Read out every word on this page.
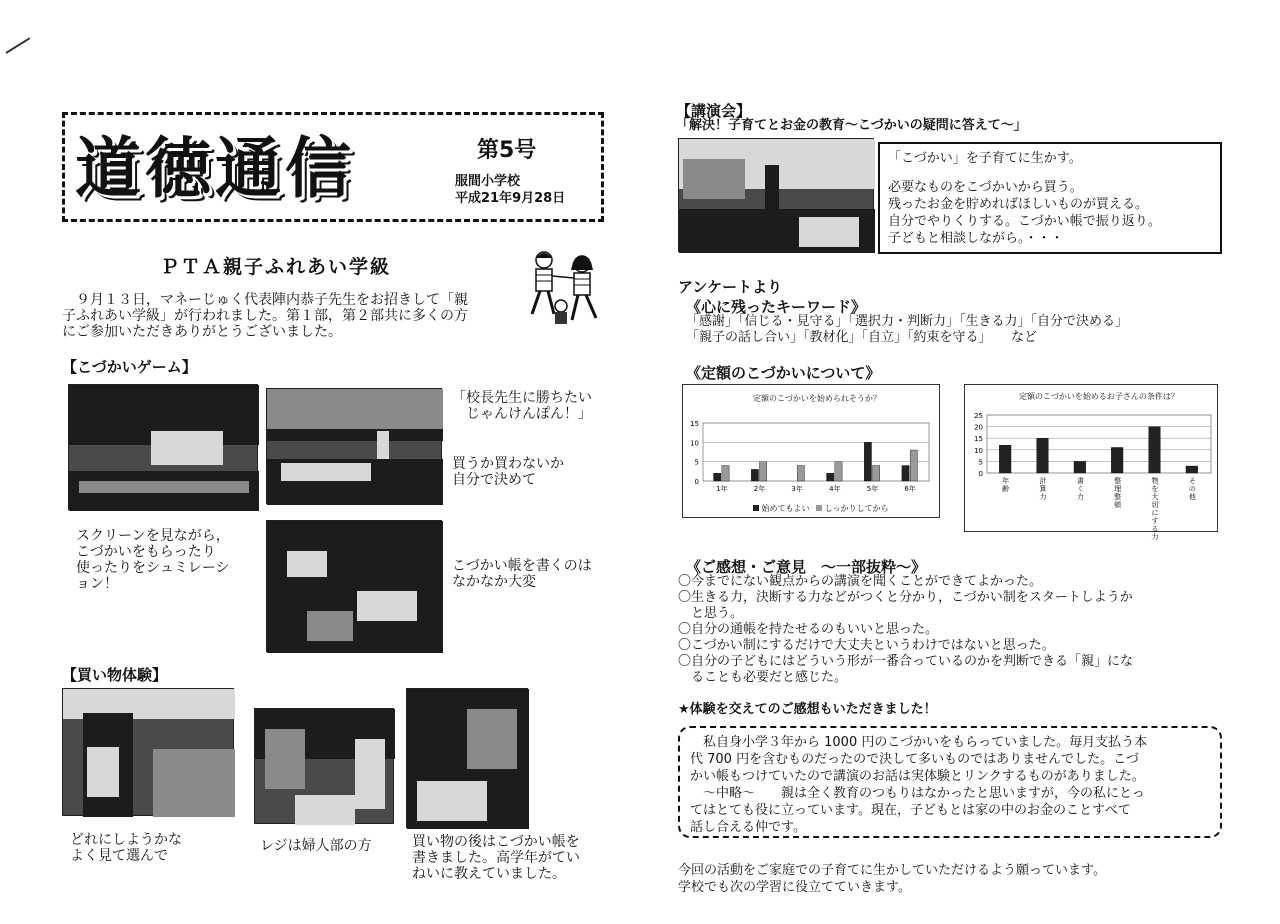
道徳通信	第5号
服間小学校
平成21年9月28日
ＰＴＡ親子ふれあい学級
　９月１３日，マネーじゅく代表陣内恭子先生をお招きして「親
子ふれあい学級」が行われました。第１部，第２部共に多くの方
にご参加いただきありがとうございました。
【こづかいゲーム】
「校長先生に勝ちたい
　じゃんけんぽん！」
買うか買わないか
自分で決めて
スクリーンを見ながら，
こづかいをもらったり
使ったりをシュミレーシ
ョン！
こづかい帳を書くのは
なかなか大変
【買い物体験】
どれにしようかな
よく見て選んで
レジは婦人部の方	買い物の後はこづかい帳を
書きました。高学年がてい
ねいに教えていました。
【講演会】
「解決！子育てとお金の教育～こづかいの疑問に答えて～」
「こづかい」を子育てに生かす。
必要なものをこづかいから買う。
残ったお金を貯めればほしいものが買える。
自分でやりくりする。こづかい帳で振り返り。
子どもと相談しながら。・・・
アンケートより
《心に残ったキーワード》
「感謝」「信じる・見守る」「選択力・判断力」「生きる力」「自分で決める」
「親子の話し合い」「教材化」「自立」「約束を守る」　　など
《定額のこづかいについて》
定額のこづかいを始められそうか？
0
5
10
15
1年	2年	3年	4年	5年	6年
始めてもよい しっかりしてから
定額のこづかいを始めるお子さんの条件は？
0
5
10
15
20
25
年齢
計算力
書く力
整理整頓
物を大切にする力
その他
《ご感想・ご意見　～一部抜粋～》
〇今までにない観点からの講演を聞くことができてよかった。
〇生きる力，決断する力などがつくと分かり，こづかい制をスタートしようか
　と思う。
〇自分の通帳を持たせるのもいいと思った。
〇こづかい制にするだけで大丈夫というわけではないと思った。
〇自分の子どもにはどういう形が一番合っているのかを判断できる「親」にな
　ることも必要だと感じた。
★体験を交えてのご感想もいただきました！
　私自身小学３年から 1000 円のこづかいをもらっていました。毎月支払う本
代 700 円を含むものだったので決して多いものではありませんでした。こづ
かい帳もつけていたので講演のお話は実体験とリンクするものがありました。
　～中略～　　親は全く教育のつもりはなかったと思いますが，今の私にとっ
てはとても役に立っています。現在，子どもとは家の中のお金のことすべて
話し合える仲です。
今回の活動をご家庭での子育てに生かしていただけるよう願っています。
学校でも次の学習に役立てていきます。
